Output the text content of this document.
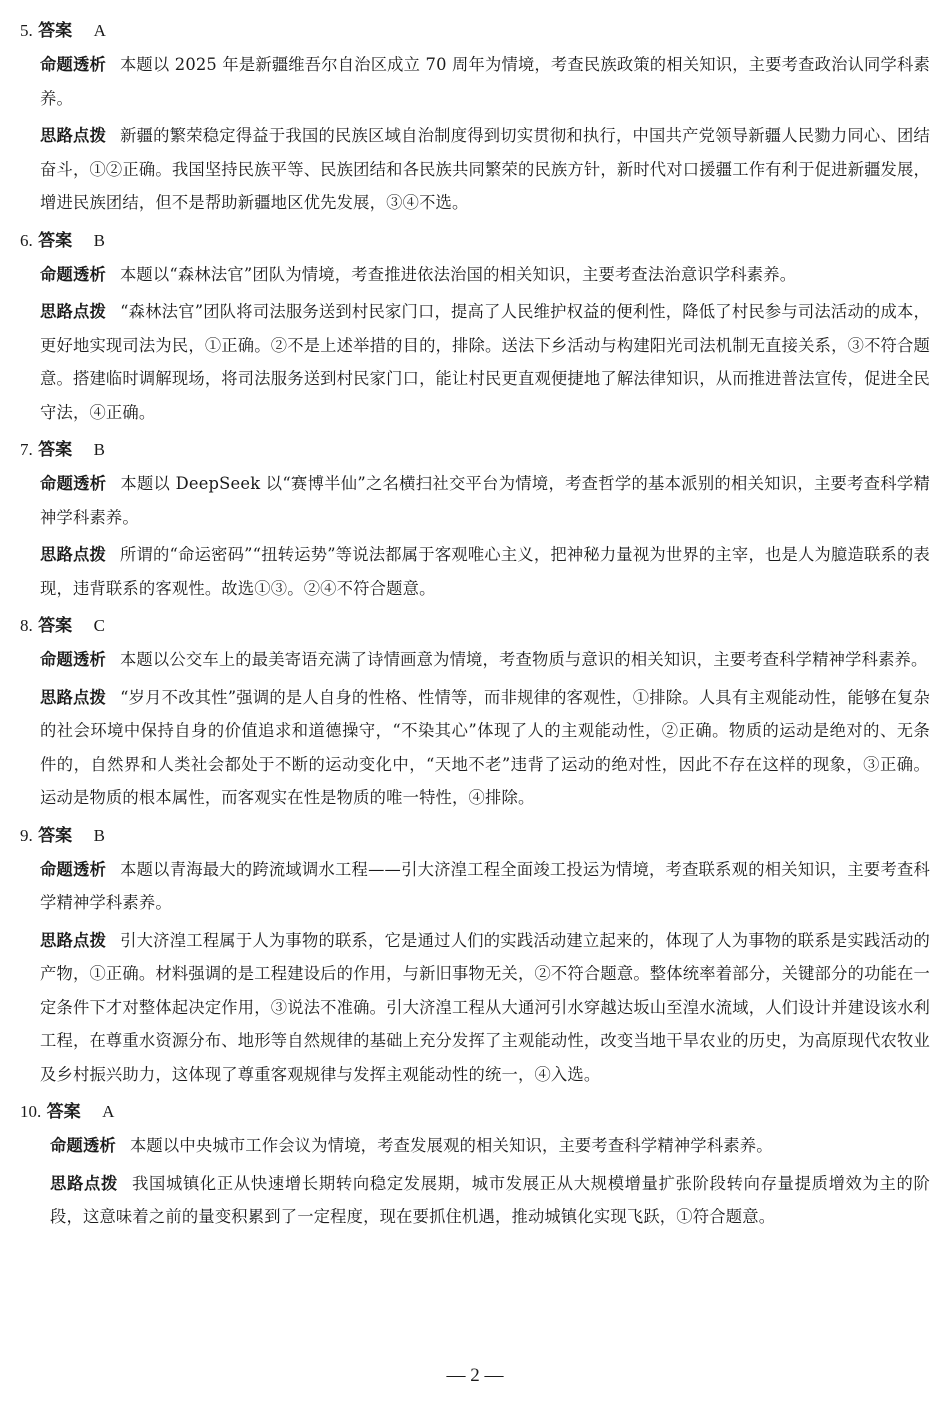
5. 答案 A

命题透析 本题以 2025 年是新疆维吾尔自治区成立 70 周年为情境，考查民族政策的相关知识，主要考查政治认同学科素养。

思路点拨 新疆的繁荣稳定得益于我国的民族区域自治制度得到切实贯彻和执行，中国共产党领导新疆人民勠力同心、团结奋斗，①②正确。我国坚持民族平等、民族团结和各民族共同繁荣的民族方针，新时代对口援疆工作有利于促进新疆发展，增进民族团结，但不是帮助新疆地区优先发展，③④不选。

6. 答案 B

命题透析 本题以“森林法官”团队为情境，考查推进依法治国的相关知识，主要考查法治意识学科素养。

思路点拨 “森林法官”团队将司法服务送到村民家门口，提高了人民维护权益的便利性，降低了村民参与司法活动的成本，更好地实现司法为民，①正确。②不是上述举措的目的，排除。送法下乡活动与构建阳光司法机制无直接关系，③不符合题意。搭建临时调解现场，将司法服务送到村民家门口，能让村民更直观便捷地了解法律知识，从而推进普法宣传，促进全民守法，④正确。

7. 答案 B

命题透析 本题以 DeepSeek 以“赛博半仙”之名横扫社交平台为情境，考查哲学的基本派别的相关知识，主要考查科学精神学科素养。

思路点拨 所谓的“命运密码”“扭转运势”等说法都属于客观唯心主义，把神秘力量视为世界的主宰，也是人为臆造联系的表现，违背联系的客观性。故选①③。②④不符合题意。

8. 答案 C

命题透析 本题以公交车上的最美寄语充满了诗情画意为情境，考查物质与意识的相关知识，主要考查科学精神学科素养。

思路点拨 “岁月不改其性”强调的是人自身的性格、性情等，而非规律的客观性，①排除。人具有主观能动性，能够在复杂的社会环境中保持自身的价值追求和道德操守，“不染其心”体现了人的主观能动性，②正确。物质的运动是绝对的、无条件的，自然界和人类社会都处于不断的运动变化中，“天地不老”违背了运动的绝对性，因此不存在这样的现象，③正确。运动是物质的根本属性，而客观实在性是物质的唯一特性，④排除。

9. 答案 B

命题透析 本题以青海最大的跨流域调水工程——引大济湟工程全面竣工投运为情境，考查联系观的相关知识，主要考查科学精神学科素养。

思路点拨 引大济湟工程属于人为事物的联系，它是通过人们的实践活动建立起来的，体现了人为事物的联系是实践活动的产物，①正确。材料强调的是工程建设后的作用，与新旧事物无关，②不符合题意。整体统率着部分，关键部分的功能在一定条件下才对整体起决定作用，③说法不准确。引大济湟工程从大通河引水穿越达坂山至湟水流域，人们设计并建设该水利工程，在尊重水资源分布、地形等自然规律的基础上充分发挥了主观能动性，改变当地干旱农业的历史，为高原现代农牧业及乡村振兴助力，这体现了尊重客观规律与发挥主观能动性的统一，④入选。

10. 答案 A

命题透析 本题以中央城市工作会议为情境，考查发展观的相关知识，主要考查科学精神学科素养。

思路点拨 我国城镇化正从快速增长期转向稳定发展期，城市发展正从大规模增量扩张阶段转向存量提质增效为主的阶段，这意味着之前的量变积累到了一定程度，现在要抓住机遇，推动城镇化实现飞跃，①符合题意。

— 2 —
